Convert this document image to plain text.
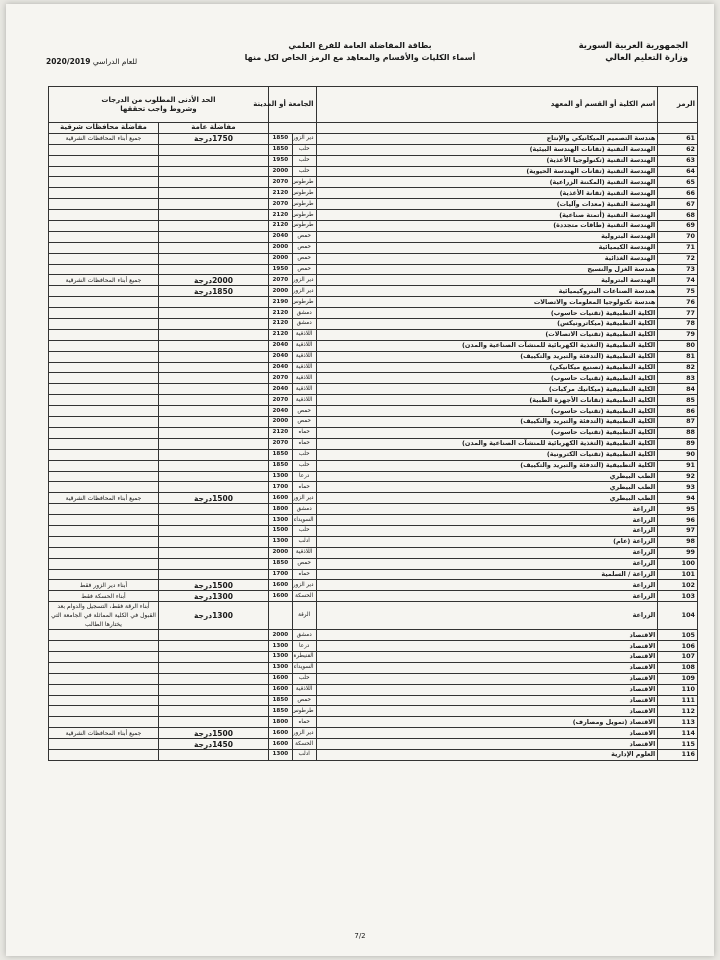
الجمهورية العربية السورية
وزارة التعليم العالي
بطاقة المفاضلة العامة للفرع العلمي
أسماء الكليات والأقسام والمعاهد مع الرمز الخاص لكل منها
للعام الدراسي 2020/2019
الرمز	اسم الكلية أو القسم أو المعهد	الجامعة أو المدينة		الحد الأدنى المطلوب من الدرجات
وشروط واجب تحققها	

				مفاضلة عامة	مفاضلة محافظات شرقية
61	هندسة التصميم الميكانيكي والإنتاج	دير الزور	1850	1750درجة	جميع أبناء المحافظات الشرقية
62	الهندسة التقنية (تقانات الهندسة البيئية)	حلب	1850		
63	الهندسة التقنية (تكنولوجيا الأغذية)	حلب	1950		
64	الهندسة التقنية (تقانات الهندسة الحيوية)	حلب	2000		
65	الهندسة التقنية (المكننة الزراعية)	طرطوس	2070		
66	الهندسة التقنية (تقانة الأغذية)	طرطوس	2120		
67	الهندسة التقنية (معدات وآليات)	طرطوس	2070		
68	الهندسة التقنية (أتمتة صناعية)	طرطوس	2120		
69	الهندسة التقنية (طاقات متجددة)	طرطوس	2120		
70	الهندسة البترولية	حمص	2040		
71	الهندسة الكيميائية	حمص	2000		
72	الهندسة الغذائية	حمص	2000		
73	هندسة الغزل والنسيج	حمص	1950		
74	الهندسة البترولية	دير الزور	2070	2000درجة	جميع أبناء المحافظات الشرقية
75	هندسة الصناعات البتروكيميائية	دير الزور	2000	1850درجة	

76	هندسة تكنولوجيا المعلومات والاتصالات	طرطوس	2190		
77	الكلية التطبيقية (تقنيات حاسوب)	دمشق	2120		
78	الكلية التطبيقية (ميكاترونيكس)	دمشق	2120		
79	الكلية التطبيقية (تقنيات الاتصالات)	اللاذقية	2120		
80	الكلية التطبيقية (التغذية الكهربائية للمنشآت الصناعية والمدن)	اللاذقية	2040		
81	الكلية التطبيقية (التدفئة والتبريد والتكييف)	اللاذقية	2040		
82	الكلية التطبيقية (تصنيع ميكانيكي)	اللاذقية	2040		
83	الكلية التطبيقية (تقنيات حاسوب)	اللاذقية	2070		
84	الكلية التطبيقية (ميكانيك مركبات)	اللاذقية	2040		
85	الكلية التطبيقية (تقانات الأجهزة الطبية)	اللاذقية	2070		
86	الكلية التطبيقية (تقنيات حاسوب)	حمص	2040		
87	الكلية التطبيقية (التدفئة والتبريد والتكييف)	حمص	2000		
88	الكلية التطبيقية (تقنيات حاسوب)	حماه	2120		
89	الكلية التطبيقية (التغذية الكهربائية للمنشآت الصناعية والمدن)	حماه	2070		
90	الكلية التطبيقية (تقنيات الكترونية)	حلب	1850		
91	الكلية التطبيقية (التدفئة والتبريد والتكييف)	حلب	1850		
92	الطب البيطري	درعا	1300		
93	الطب البيطري	حماه	1700		
94	الطب البيطري	دير الزور	1600	1500درجة	جميع أبناء المحافظات الشرقية
95	الزراعة	دمشق	1800		
96	الزراعة	السويداء	1300		
97	الزراعة	حلب	1500		
98	الزراعة (عام)	ادلب	1300		
99	الزراعة	اللاذقية	2000		
100	الزراعة	حمص	1850		
101	الزراعة / السلمية	حماه	1700		
102	الزراعة	دير الزور	1600	1500درجة	أبناء دير الزور فقط
103	الزراعة	الحسكة	1600	1300درجة	أبناء الحسكة فقط
104	الزراعة	الرقة		1300درجة	أبناء الرقة فقط، التسجيل والدوام بعد القبول في الكلية المماثلة في الجامعة التي يختارها الطالب
105	الاقتصاد	دمشق	2000		
106	الاقتصاد	درعا	1300		
107	الاقتصاد	القنيطرة	1300		
108	الاقتصاد	السويداء	1300		
109	الاقتصاد	حلب	1600		
110	الاقتصاد	اللاذقية	1600		
111	الاقتصاد	حمص	1850		
112	الاقتصاد	طرطوس	1850		
113	الاقتصاد (تمويل ومصارف)	حماه	1800		
114	الاقتصاد	دير الزور	1600	1500درجة	جميع أبناء المحافظات الشرقية
115	الاقتصاد	الحسكة	1600	1450درجة	

116	العلوم الإدارية	ادلب	1300		
7/2
